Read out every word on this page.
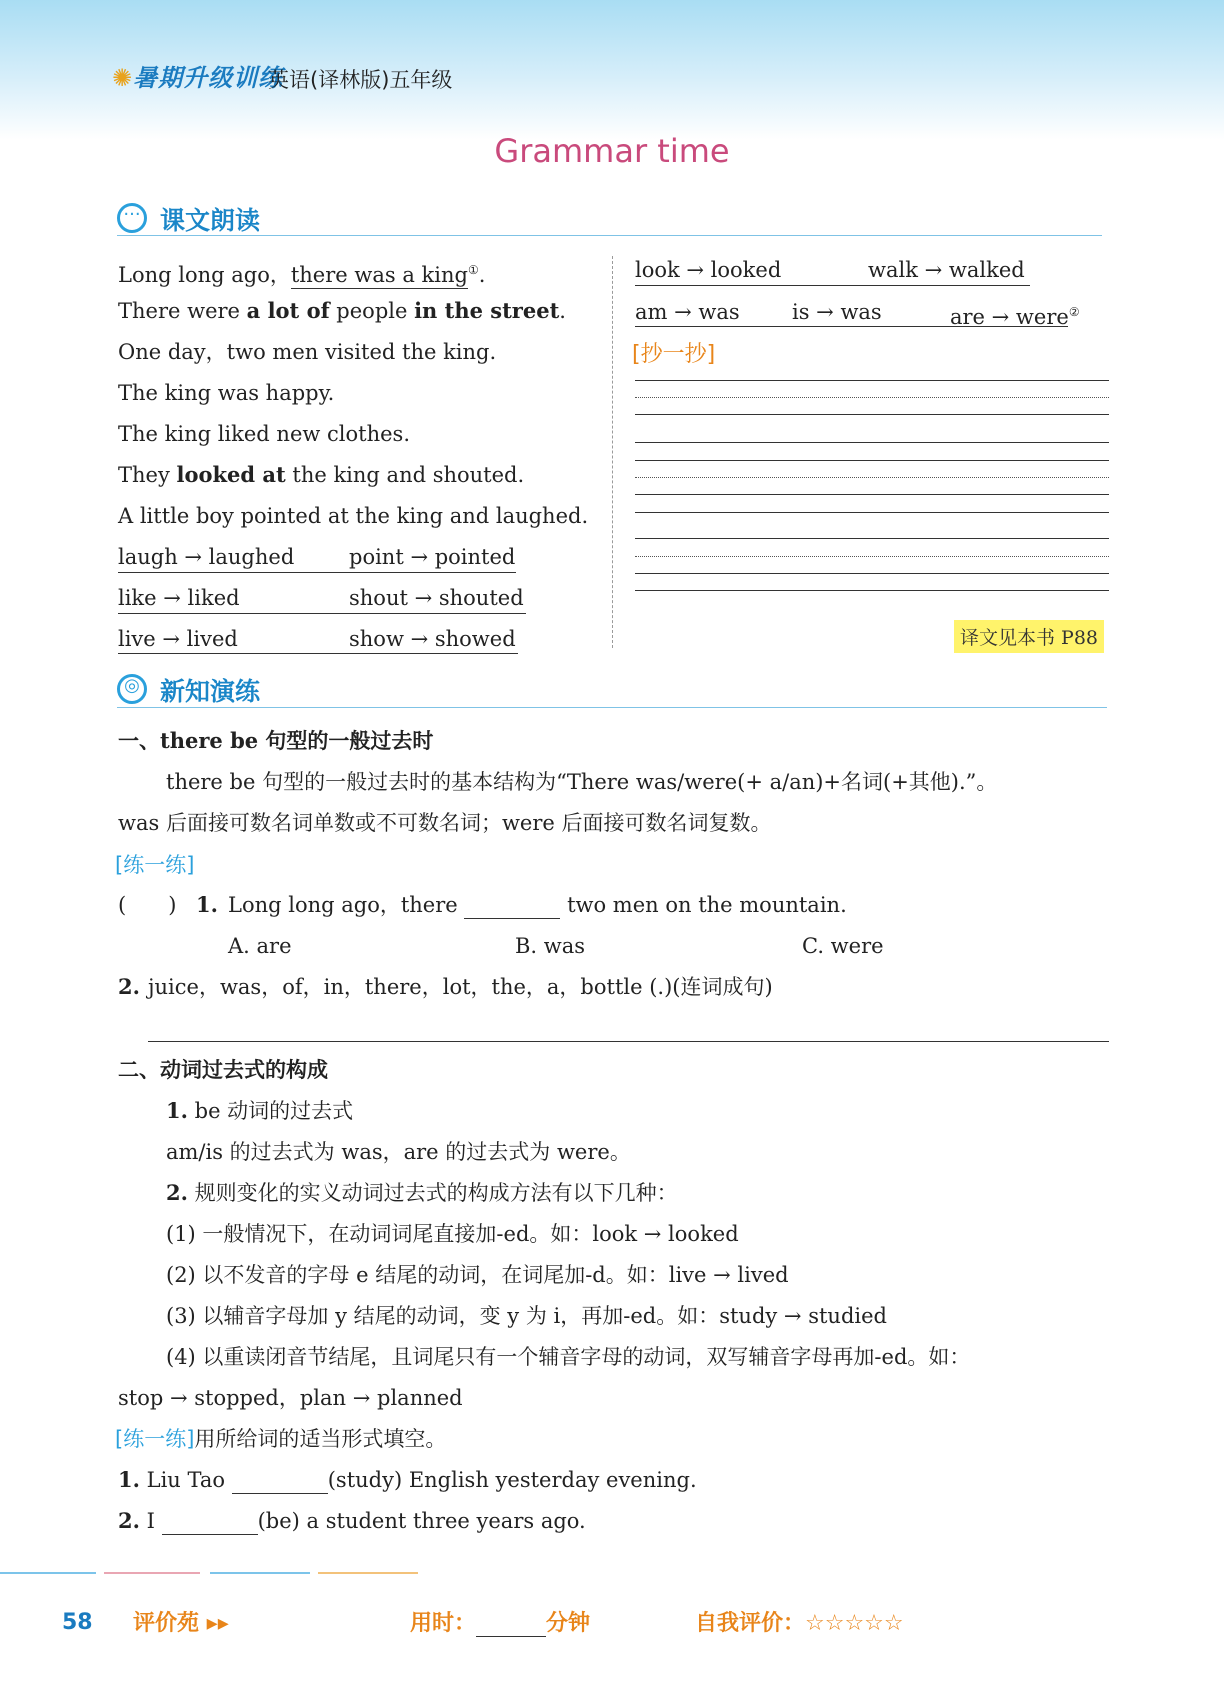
✺暑期升级训练
英语(译林版)五年级
Grammar time
··· 课文朗读
Long long ago，there was a king①.
There were a lot of people in the street.
One day，two men visited the king.
The king was happy.
The king liked new clothes.
They looked at the king and shouted.
A little boy pointed at the king and laughed.
laugh → laughed	point → pointed
like → liked	shout → shouted
live → lived	show → showed
look → looked	walk → walked
am → was is → was	are → were②
[抄一抄]
译文见本书 P88
◎ 新知演练
一、there be 句型的一般过去时
there be 句型的一般过去时的基本结构为“There was/were(+ a/an)+名词(+其他).”。
was 后面接可数名词单数或不可数名词；were 后面接可数名词复数。
[练一练]
(　　) 1. Long long ago，there	two men on the mountain.
A. are	B. was	C. were
2. juice，was，of，in，there，lot，the，a，bottle (.)(连词成句)
二、动词过去式的构成
1. be 动词的过去式
am/is 的过去式为 was，are 的过去式为 were。
2. 规则变化的实义动词过去式的构成方法有以下几种：
(1) 一般情况下，在动词词尾直接加-ed。如：look → looked
(2) 以不发音的字母 e 结尾的动词，在词尾加-d。如：live → lived
(3) 以辅音字母加 y 结尾的动词，变 y 为 i，再加-ed。如：study → studied
(4) 以重读闭音节结尾，且词尾只有一个辅音字母的动词，双写辅音字母再加-ed。如：
stop → stopped，plan → planned
[练一练]用所给词的适当形式填空。
1. Liu Tao	(study) English yesterday evening.
2. I	(be) a student three years ago.
58 评价苑 ▸▸	用时：	分钟	自我评价：☆☆☆☆☆
